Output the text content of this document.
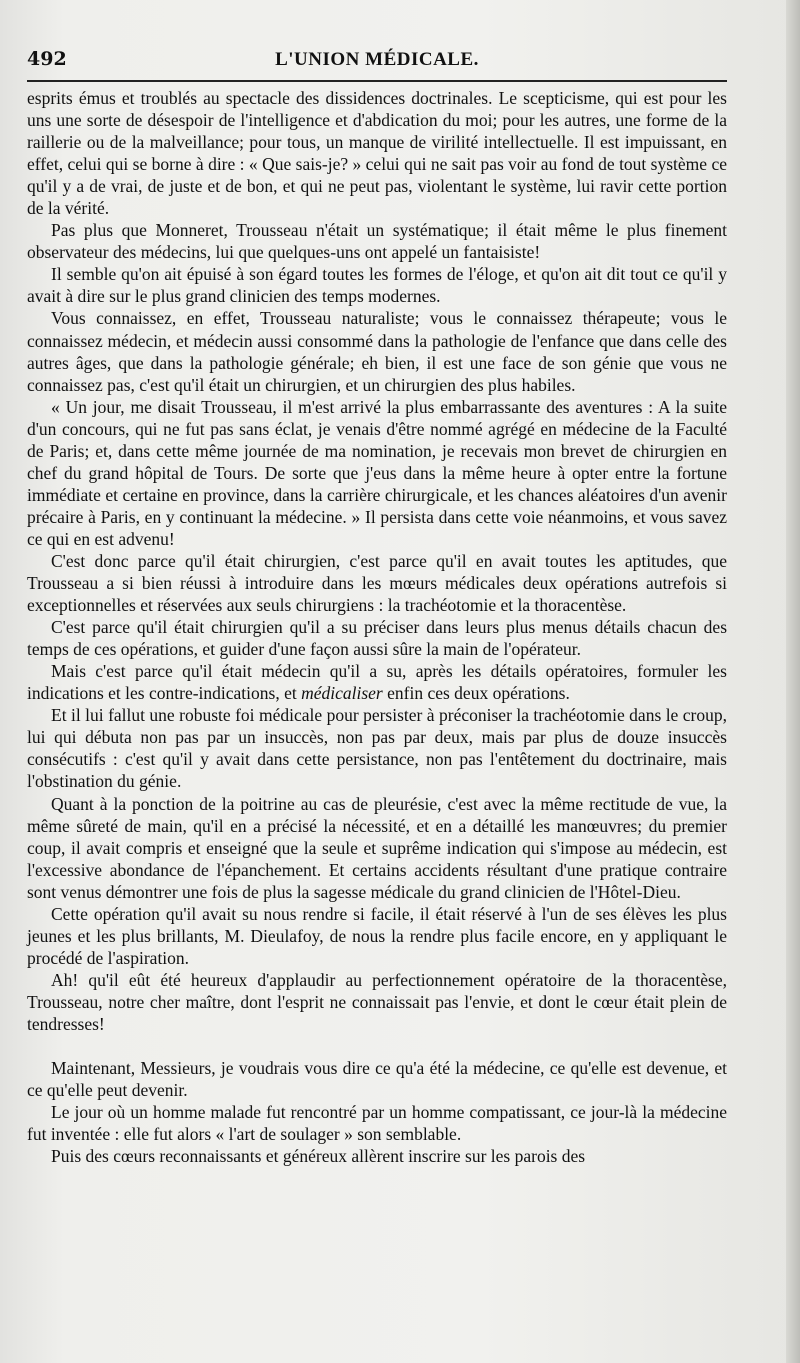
492	L'UNION MÉDICALE.

esprits émus et troublés au spectacle des dissidences doctrinales. Le scepticisme, qui est pour les uns une sorte de désespoir de l'intelligence et d'abdication du moi; pour les autres, une forme de la raillerie ou de la malveillance; pour tous, un manque de virilité intellectuelle. Il est impuissant, en effet, celui qui se borne à dire : « Que sais-je? » celui qui ne sait pas voir au fond de tout système ce qu'il y a de vrai, de juste et de bon, et qui ne peut pas, violentant le système, lui ravir cette portion de la vérité.

Pas plus que Monneret, Trousseau n'était un systématique; il était même le plus finement observateur des médecins, lui que quelques-uns ont appelé un fantaisiste!

Il semble qu'on ait épuisé à son égard toutes les formes de l'éloge, et qu'on ait dit tout ce qu'il y avait à dire sur le plus grand clinicien des temps modernes.

Vous connaissez, en effet, Trousseau naturaliste; vous le connaissez thérapeute; vous le connaissez médecin, et médecin aussi consommé dans la pathologie de l'enfance que dans celle des autres âges, que dans la pathologie générale; eh bien, il est une face de son génie que vous ne connaissez pas, c'est qu'il était un chirurgien, et un chirurgien des plus habiles.

« Un jour, me disait Trousseau, il m'est arrivé la plus embarrassante des aventures : A la suite d'un concours, qui ne fut pas sans éclat, je venais d'être nommé agrégé en médecine de la Faculté de Paris; et, dans cette même journée de ma nomination, je recevais mon brevet de chirurgien en chef du grand hôpital de Tours. De sorte que j'eus dans la même heure à opter entre la fortune immédiate et certaine en province, dans la carrière chirurgicale, et les chances aléatoires d'un avenir précaire à Paris, en y continuant la médecine. » Il persista dans cette voie néanmoins, et vous savez ce qui en est advenu!

C'est donc parce qu'il était chirurgien, c'est parce qu'il en avait toutes les aptitudes, que Trousseau a si bien réussi à introduire dans les mœurs médicales deux opérations autrefois si exceptionnelles et réservées aux seuls chirurgiens : la trachéotomie et la thoracentèse.

C'est parce qu'il était chirurgien qu'il a su préciser dans leurs plus menus détails chacun des temps de ces opérations, et guider d'une façon aussi sûre la main de l'opérateur.

Mais c'est parce qu'il était médecin qu'il a su, après les détails opératoires, formuler les indications et les contre-indications, et médicaliser enfin ces deux opérations.

Et il lui fallut une robuste foi médicale pour persister à préconiser la trachéotomie dans le croup, lui qui débuta non pas par un insuccès, non pas par deux, mais par plus de douze insuccès consécutifs : c'est qu'il y avait dans cette persistance, non pas l'entêtement du doctrinaire, mais l'obstination du génie.

Quant à la ponction de la poitrine au cas de pleurésie, c'est avec la même rectitude de vue, la même sûreté de main, qu'il en a précisé la nécessité, et en a détaillé les manœuvres; du premier coup, il avait compris et enseigné que la seule et suprême indication qui s'impose au médecin, est l'excessive abondance de l'épanchement. Et certains accidents résultant d'une pratique contraire sont venus démontrer une fois de plus la sagesse médicale du grand clinicien de l'Hôtel-Dieu.

Cette opération qu'il avait su nous rendre si facile, il était réservé à l'un de ses élèves les plus jeunes et les plus brillants, M. Dieulafoy, de nous la rendre plus facile encore, en y appliquant le procédé de l'aspiration.

Ah! qu'il eût été heureux d'applaudir au perfectionnement opératoire de la thoracentèse, Trousseau, notre cher maître, dont l'esprit ne connaissait pas l'envie, et dont le cœur était plein de tendresses!

Maintenant, Messieurs, je voudrais vous dire ce qu'a été la médecine, ce qu'elle est devenue, et ce qu'elle peut devenir.

Le jour où un homme malade fut rencontré par un homme compatissant, ce jour-là la médecine fut inventée : elle fut alors « l'art de soulager » son semblable.

Puis des cœurs reconnaissants et généreux allèrent inscrire sur les parois des
